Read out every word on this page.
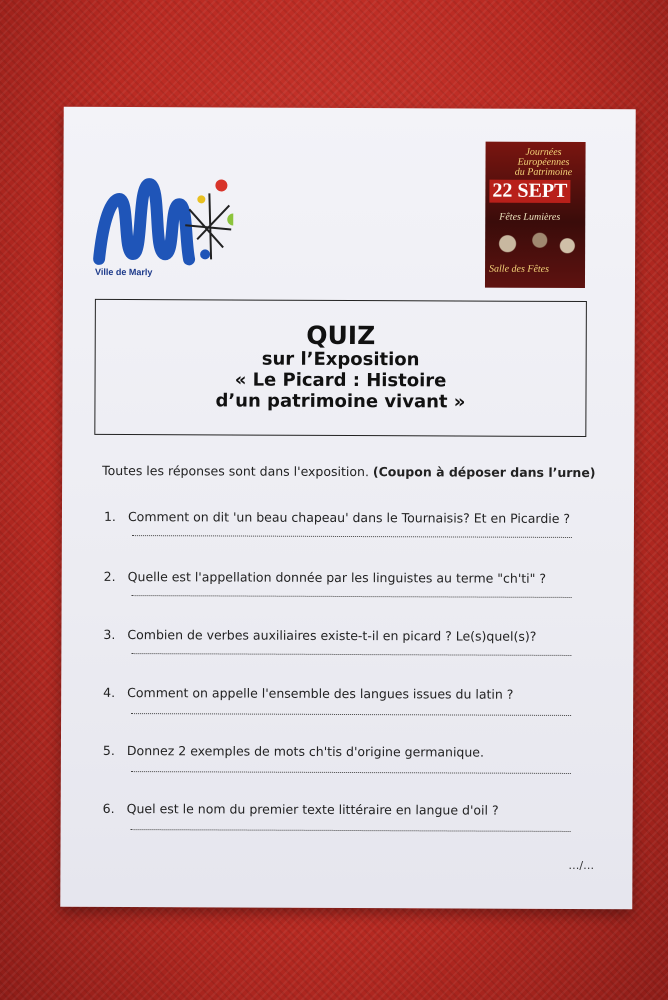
Ville de Marly
Journées
Européennes
du Patrimoine
22 SEPT
Fêtes Lumières
Salle des Fêtes
QUIZ
sur l’Exposition
« Le Picard : Histoire
d’un patrimoine vivant »
Toutes les réponses sont dans l'exposition. (Coupon à déposer dans l’urne)
1. Comment on dit 'un beau chapeau' dans le Tournaisis? Et en Picardie ?
2. Quelle est l'appellation donnée par les linguistes au terme "ch'ti" ?
3. Combien de verbes auxiliaires existe-t-il en picard ? Le(s)quel(s)?
4. Comment on appelle l'ensemble des langues issues du latin ?
5. Donnez 2 exemples de mots ch'tis d'origine germanique.
6. Quel est le nom du premier texte littéraire en langue d'oil ?
…/…
